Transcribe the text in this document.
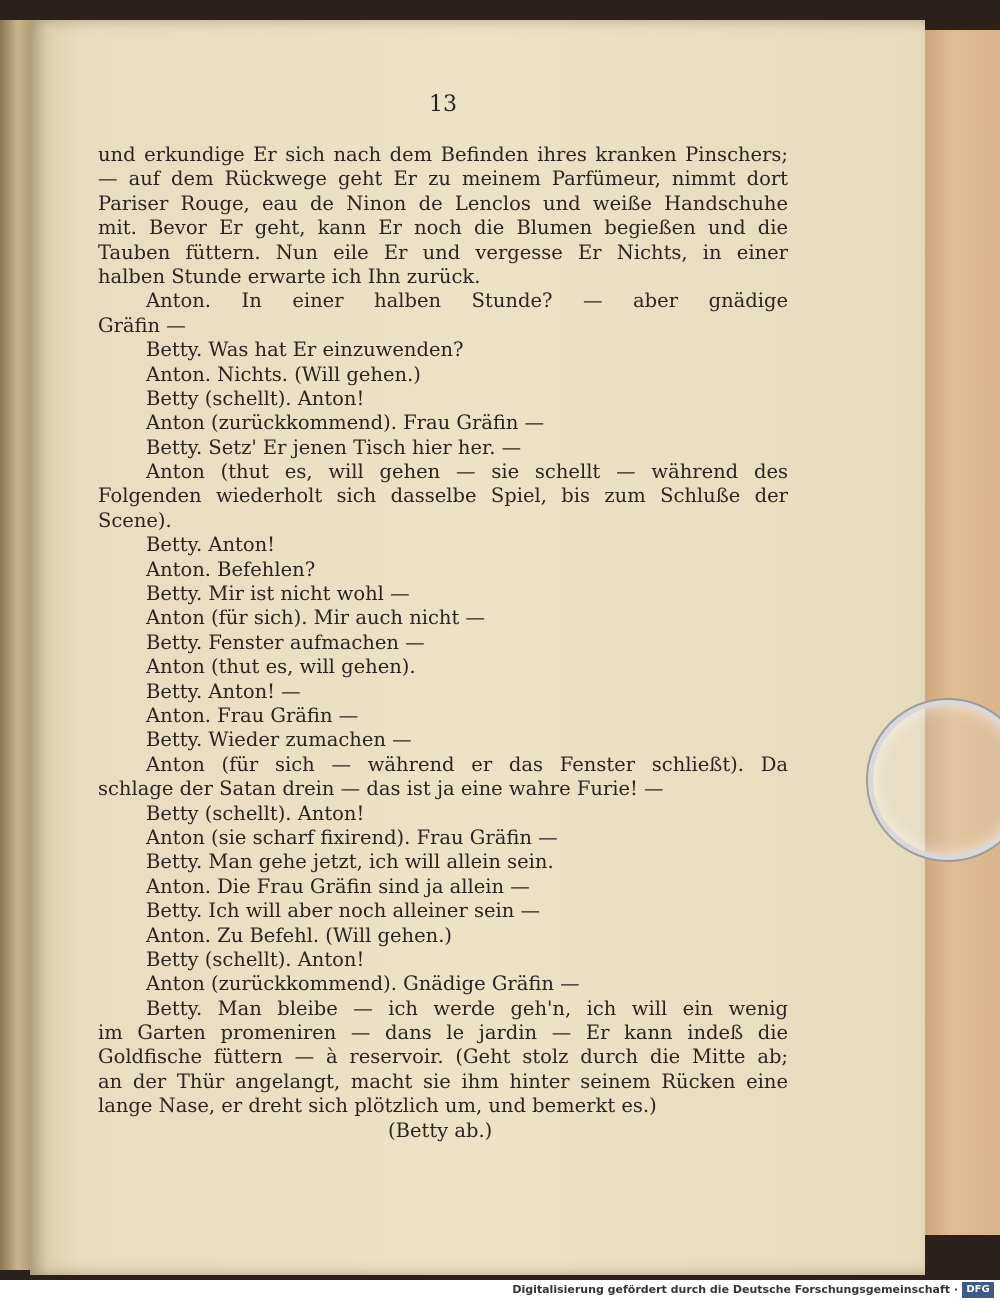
13
und erkundige Er sich nach dem Befinden ihres kranken Pinschers;
— auf dem Rückwege geht Er zu meinem Parfümeur, nimmt dort
Pariser Rouge, eau de Ninon de Lenclos und weiße Handschuhe
mit. Bevor Er geht, kann Er noch die Blumen begießen und die
Tauben füttern. Nun eile Er und vergesse Er Nichts, in einer
halben Stunde erwarte ich Ihn zurück.
Anton. In einer halben Stunde? — aber gnädige
Gräfin —
Betty. Was hat Er einzuwenden?
Anton. Nichts. (Will gehen.)
Betty (schellt). Anton!
Anton (zurückkommend). Frau Gräfin —
Betty. Setz' Er jenen Tisch hier her. —
Anton (thut es, will gehen — sie schellt — während des
Folgenden wiederholt sich dasselbe Spiel, bis zum Schluße der
Scene).
Betty. Anton!
Anton. Befehlen?
Betty. Mir ist nicht wohl —
Anton (für sich). Mir auch nicht —
Betty. Fenster aufmachen —
Anton (thut es, will gehen).
Betty. Anton! —
Anton. Frau Gräfin —
Betty. Wieder zumachen —
Anton (für sich — während er das Fenster schließt). Da
schlage der Satan drein — das ist ja eine wahre Furie! —
Betty (schellt). Anton!
Anton (sie scharf fixirend). Frau Gräfin —
Betty. Man gehe jetzt, ich will allein sein.
Anton. Die Frau Gräfin sind ja allein —
Betty. Ich will aber noch alleiner sein —
Anton. Zu Befehl. (Will gehen.)
Betty (schellt). Anton!
Anton (zurückkommend). Gnädige Gräfin —
Betty. Man bleibe — ich werde geh'n, ich will ein wenig
im Garten promeniren — dans le jardin — Er kann indeß die
Goldfische füttern — à reservoir. (Geht stolz durch die Mitte ab;
an der Thür angelangt, macht sie ihm hinter seinem Rücken eine
lange Nase, er dreht sich plötzlich um, und bemerkt es.)
(Betty ab.)
Digitalisierung gefördert durch die Deutsche Forschungsgemeinschaft · DFG
